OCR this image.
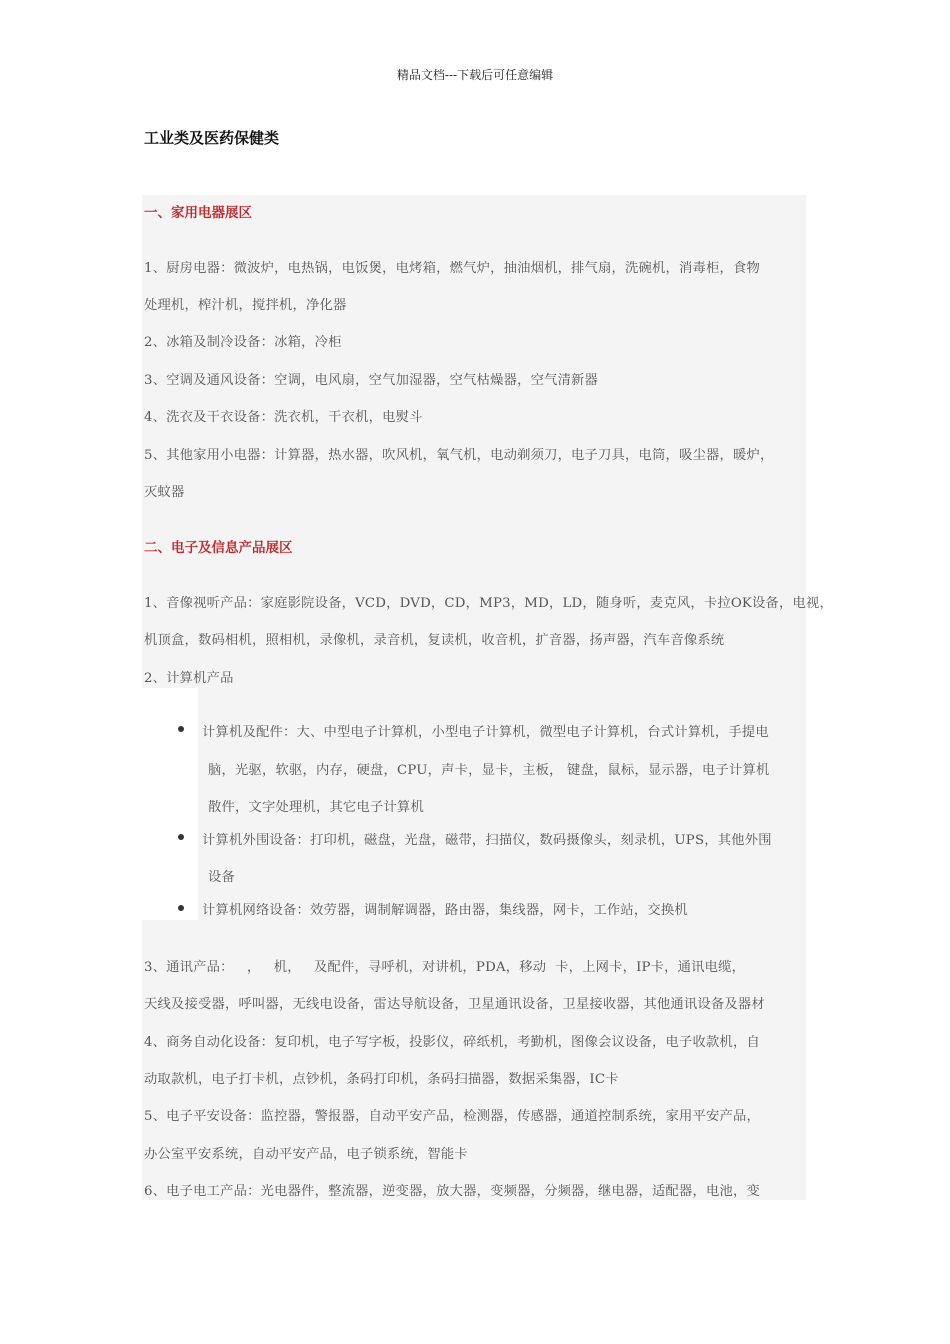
精品文档---下载后可任意编辑
工业类及医药保健类
一、家用电器展区
1、厨房电器：微波炉，电热锅，电饭煲，电烤箱，燃气炉，抽油烟机，排气扇，洗碗机，消毒柜，食物
处理机，榨汁机，搅拌机，净化器
2、冰箱及制冷设备：冰箱，冷柜
3、空调及通风设备：空调，电风扇，空气加湿器，空气枯燥器，空气清新器
4、洗衣及干衣设备：洗衣机，干衣机，电熨斗
5、其他家用小电器：计算器，热水器，吹风机，氧气机，电动剃须刀，电子刀具，电筒，吸尘器，暖炉，
灭蚊器
二、电子及信息产品展区
1、音像视听产品：家庭影院设备，VCD，DVD，CD，MP3，MD，LD，随身听，麦克风，卡拉OK设备，电视，
机顶盒，数码相机，照相机，录像机，录音机，复读机，收音机，扩音器，扬声器，汽车音像系统
2、计算机产品
计算机及配件：大、中型电子计算机，小型电子计算机，微型电子计算机，台式计算机，手提电
脑，光驱，软驱，内存，硬盘，CPU，声卡，显卡，主板， 键盘，鼠标，显示器，电子计算机
散件，文字处理机，其它电子计算机
计算机外围设备：打印机，磁盘，光盘，磁带，扫描仪，数码摄像头，刻录机，UPS，其他外围
设备
计算机网络设备：效劳器，调制解调器，路由器，集线器，网卡，工作站，交换机
3、通讯产品：   ，   机，   及配件，寻呼机，对讲机，PDA，移动  卡，上网卡，IP卡，通讯电缆，
天线及接受器，呼叫器，无线电设备，雷达导航设备，卫星通讯设备，卫星接收器，其他通讯设备及器材
4、商务自动化设备：复印机，电子写字板，投影仪，碎纸机，考勤机，图像会议设备，电子收款机，自
动取款机，电子打卡机，点钞机，条码打印机，条码扫描器，数据采集器，IC卡
5、电子平安设备：监控器，警报器，自动平安产品，检测器，传感器，通道控制系统，家用平安产品，
办公室平安系统，自动平安产品，电子锁系统，智能卡
6、电子电工产品：光电器件，整流器，逆变器，放大器，变频器，分频器，继电器，适配器，电池，变
